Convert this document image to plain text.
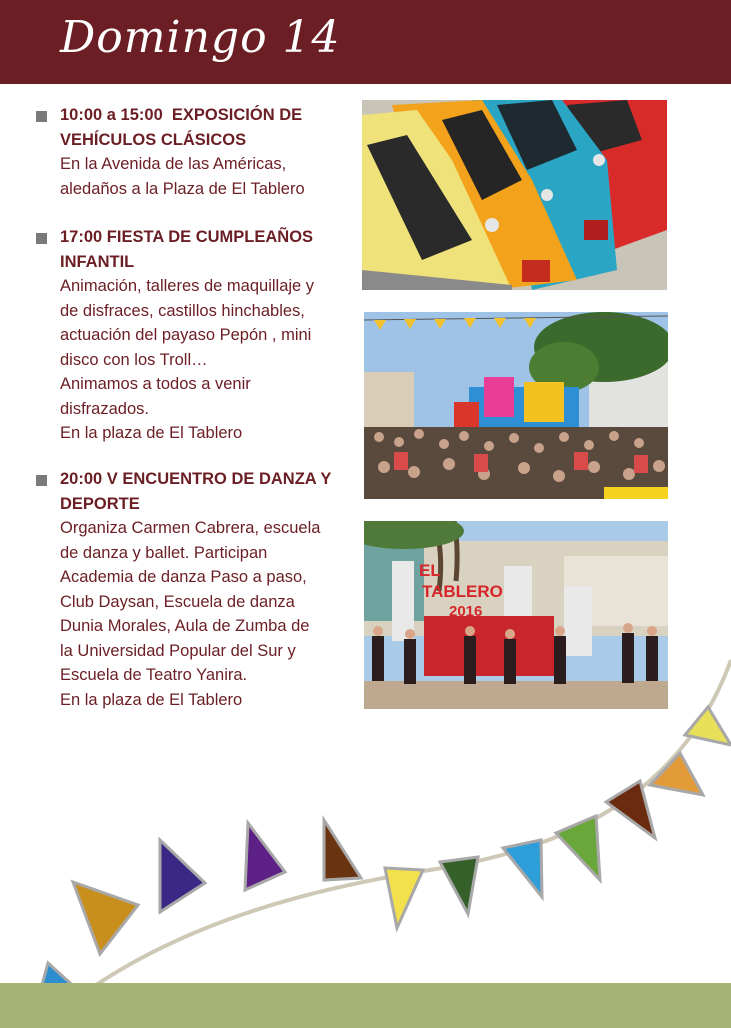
Domingo 14
10:00 a 15:00  EXPOSICIÓN DE
VEHÍCULOS CLÁSICOS
En la Avenida de las Américas,
aledaños a la Plaza de El Tablero
17:00 FIESTA DE CUMPLEAÑOS
INFANTIL
Animación, talleres de maquillaje y
de disfraces, castillos hinchables,
actuación del payaso Pepón , mini
disco con los Troll…
Animamos a todos a venir
disfrazados.
En la plaza de El Tablero
20:00 V ENCUENTRO DE DANZA Y
DEPORTE
Organiza Carmen Cabrera, escuela
de danza y ballet. Participan
Academia de danza Paso a paso,
Club Daysan, Escuela de danza
Dunia Morales, Aula de Zumba de
la Universidad Popular del Sur y
Escuela de Teatro Yanira.
En la plaza de El Tablero
EL
TABLERO
2016
